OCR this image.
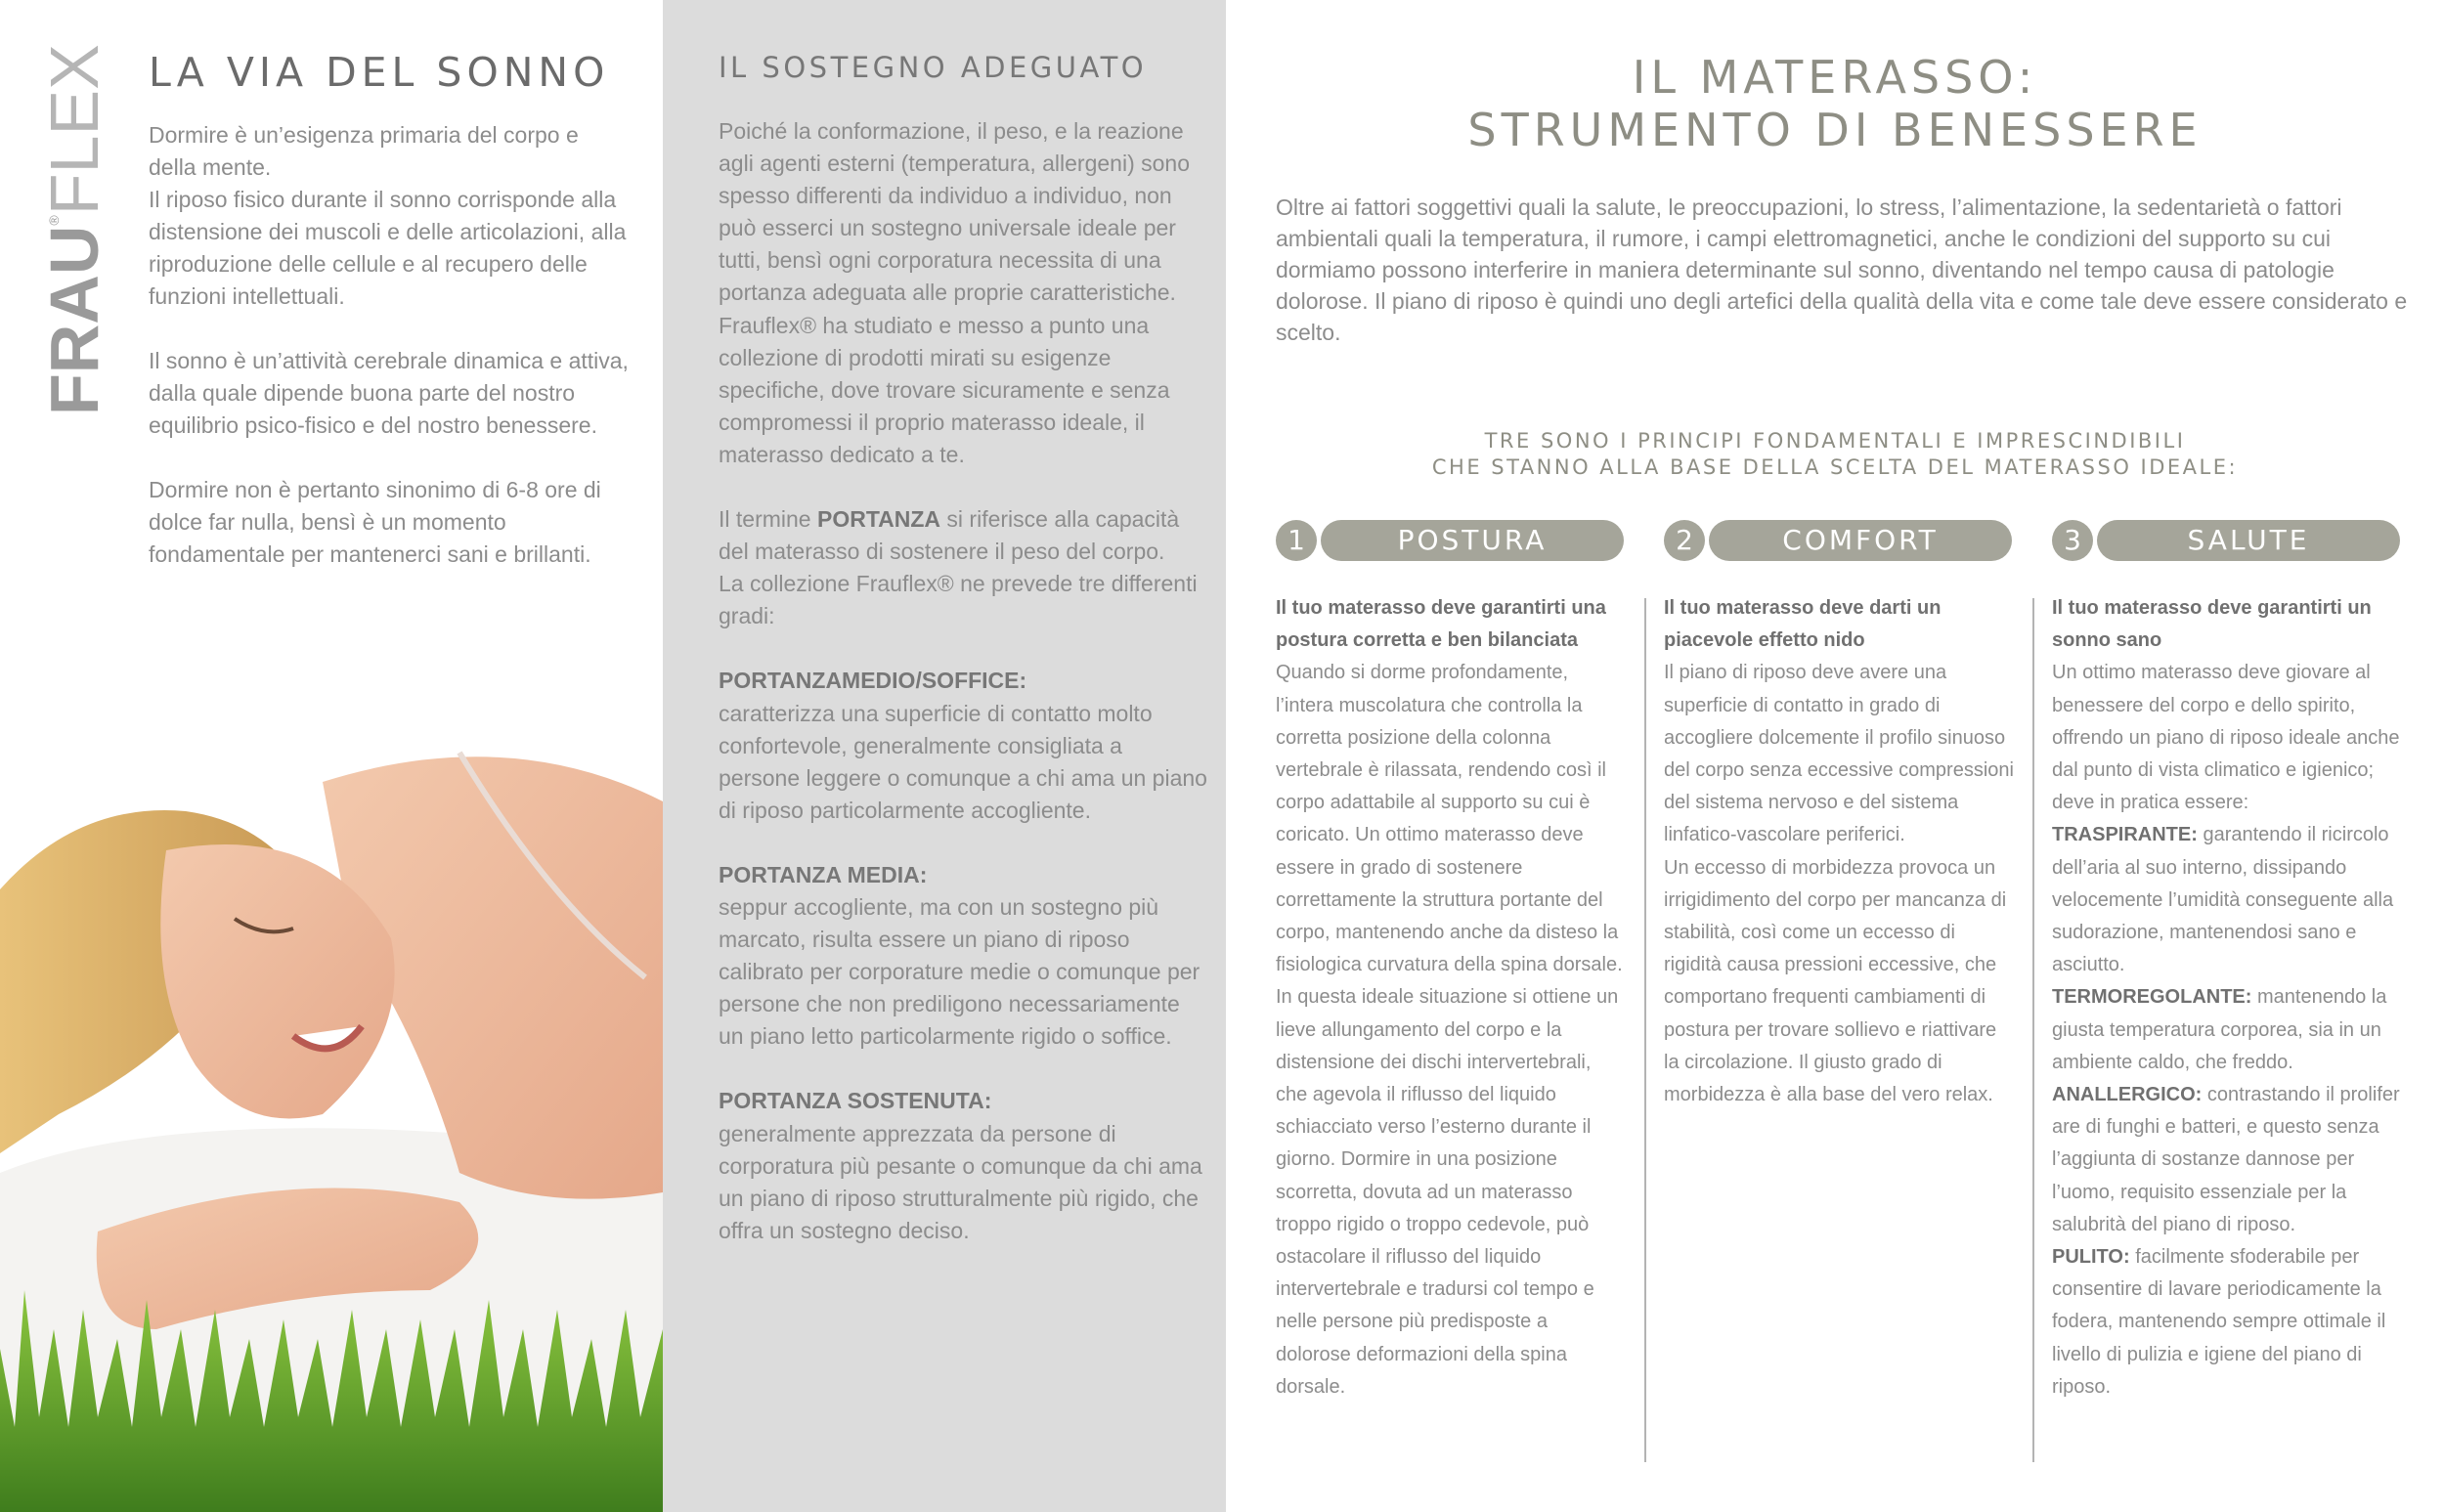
FRAU®FLEX LA VIA DEL SONNO

Dormire è un’esigenza primaria del corpo e della mente.
Il riposo fisico durante il sonno corrisponde alla distensione dei muscoli e delle articolazioni, alla riproduzione delle cellule e al recupero delle funzioni intellettuali.

Il sonno è un’attività cerebrale dinamica e attiva, dalla quale dipende buona parte del nostro equilibrio psico-fisico e del nostro benessere.

Dormire non è pertanto sinonimo di 6-8 ore di dolce far nulla, bensì è un momento fondamentale per mantenerci sani e brillanti.

IL SOSTEGNO ADEGUATO

Poiché la conformazione, il peso, e la reazione agli agenti esterni (temperatura, allergeni) sono spesso differenti da individuo a individuo, non può esserci un sostegno universale ideale per tutti, bensì ogni corporatura necessita di una portanza adeguata alle proprie caratteristiche. Frauflex® ha studiato e messo a punto una collezione di prodotti mirati su esigenze specifiche, dove trovare sicuramente e senza compromessi il proprio materasso ideale, il materasso dedicato a te.

Il termine PORTANZA si riferisce alla capacità del materasso di sostenere il peso del corpo.
La collezione Frauflex® ne prevede tre differenti gradi:

PORTANZAMEDIO/SOFFICE:
caratterizza una superficie di contatto molto confortevole, generalmente consigliata a persone leggere o comunque a chi ama un piano di riposo particolarmente accogliente.

PORTANZA MEDIA:
seppur accogliente, ma con un sostegno più marcato, risulta essere un piano di riposo calibrato per corporature medie o comunque per persone che non prediligono necessariamente un piano letto particolarmente rigido o soffice.

PORTANZA SOSTENUTA:
generalmente apprezzata da persone di corporatura più pesante o comunque da chi ama un piano di riposo strutturalmente più rigido, che offra un sostegno deciso.

IL MATERASSO:
STRUMENTO DI BENESSERE
Oltre ai fattori soggettivi quali la salute, le preoccupazioni, lo stress, l’alimentazione, la sedentarietà o fattori ambientali quali la temperatura, il rumore, i campi elettromagnetici, anche le condizioni del supporto su cui dormiamo possono interferire in maniera determinante sul sonno, diventando nel tempo causa di patologie dolorose. Il piano di riposo è quindi uno degli artefici della qualità della vita e come tale deve essere considerato e scelto.
TRE SONO I PRINCIPI FONDAMENTALI E IMPRESCINDIBILI
CHE STANNO ALLA BASE DELLA SCELTA DEL MATERASSO IDEALE:
1	POSTURA	2	COMFORT	3	SALUTE
Il tuo materasso deve garantirti una postura corretta e ben bilanciata
Quando si dorme profondamente, l’intera muscolatura che controlla la corretta posizione della colonna vertebrale è rilassata, rendendo così il corpo adattabile al supporto su cui è coricato. Un ottimo materasso deve essere in grado di sostenere correttamente la struttura portante del corpo, mantenendo anche da disteso la fisiologica curvatura della spina dorsale.
In questa ideale situazione si ottiene un lieve allungamento del corpo e la distensione dei dischi intervertebrali, che agevola il riflusso del liquido schiacciato verso l’esterno durante il giorno. Dormire in una posizione scorretta, dovuta ad un materasso troppo rigido o troppo cedevole, può ostacolare il riflusso del liquido intervertebrale e tradursi col tempo e nelle persone più predisposte a dolorose deformazioni della spina dorsale.
Il tuo materasso deve darti un piacevole effetto nido
Il piano di riposo deve avere una superficie di contatto in grado di accogliere dolcemente il profilo sinuoso del corpo senza eccessive compressioni del sistema nervoso e del sistema linfatico-vascolare periferici.
Un eccesso di morbidezza provoca un irrigidimento del corpo per mancanza di stabilità, così come un eccesso di rigidità causa pressioni eccessive, che comportano frequenti cambiamenti di postura per trovare sollievo e riattivare la circolazione. Il giusto grado di morbidezza è alla base del vero relax.
Il tuo materasso deve garantirti un sonno sano
Un ottimo materasso deve giovare al benessere del corpo e dello spirito, offrendo un piano di riposo ideale anche dal punto di vista climatico e igienico; deve in pratica essere:
TRASPIRANTE: garantendo il ricircolo dell’aria al suo interno, dissipando velocemente l’umidità conseguente alla sudorazione, mantenendosi sano e asciutto.
TERMOREGOLANTE: mantenendo la giusta temperatura corporea, sia in un ambiente caldo, che freddo.
ANALLERGICO: contrastando il prolifer are di funghi e batteri, e questo senza l’aggiunta di sostanze dannose per l’uomo, requisito essenziale per la salubrità del piano di riposo.
PULITO: facilmente sfoderabile per consentire di lavare periodicamente la fodera, mantenendo sempre ottimale il livello di pulizia e igiene del piano di riposo.
